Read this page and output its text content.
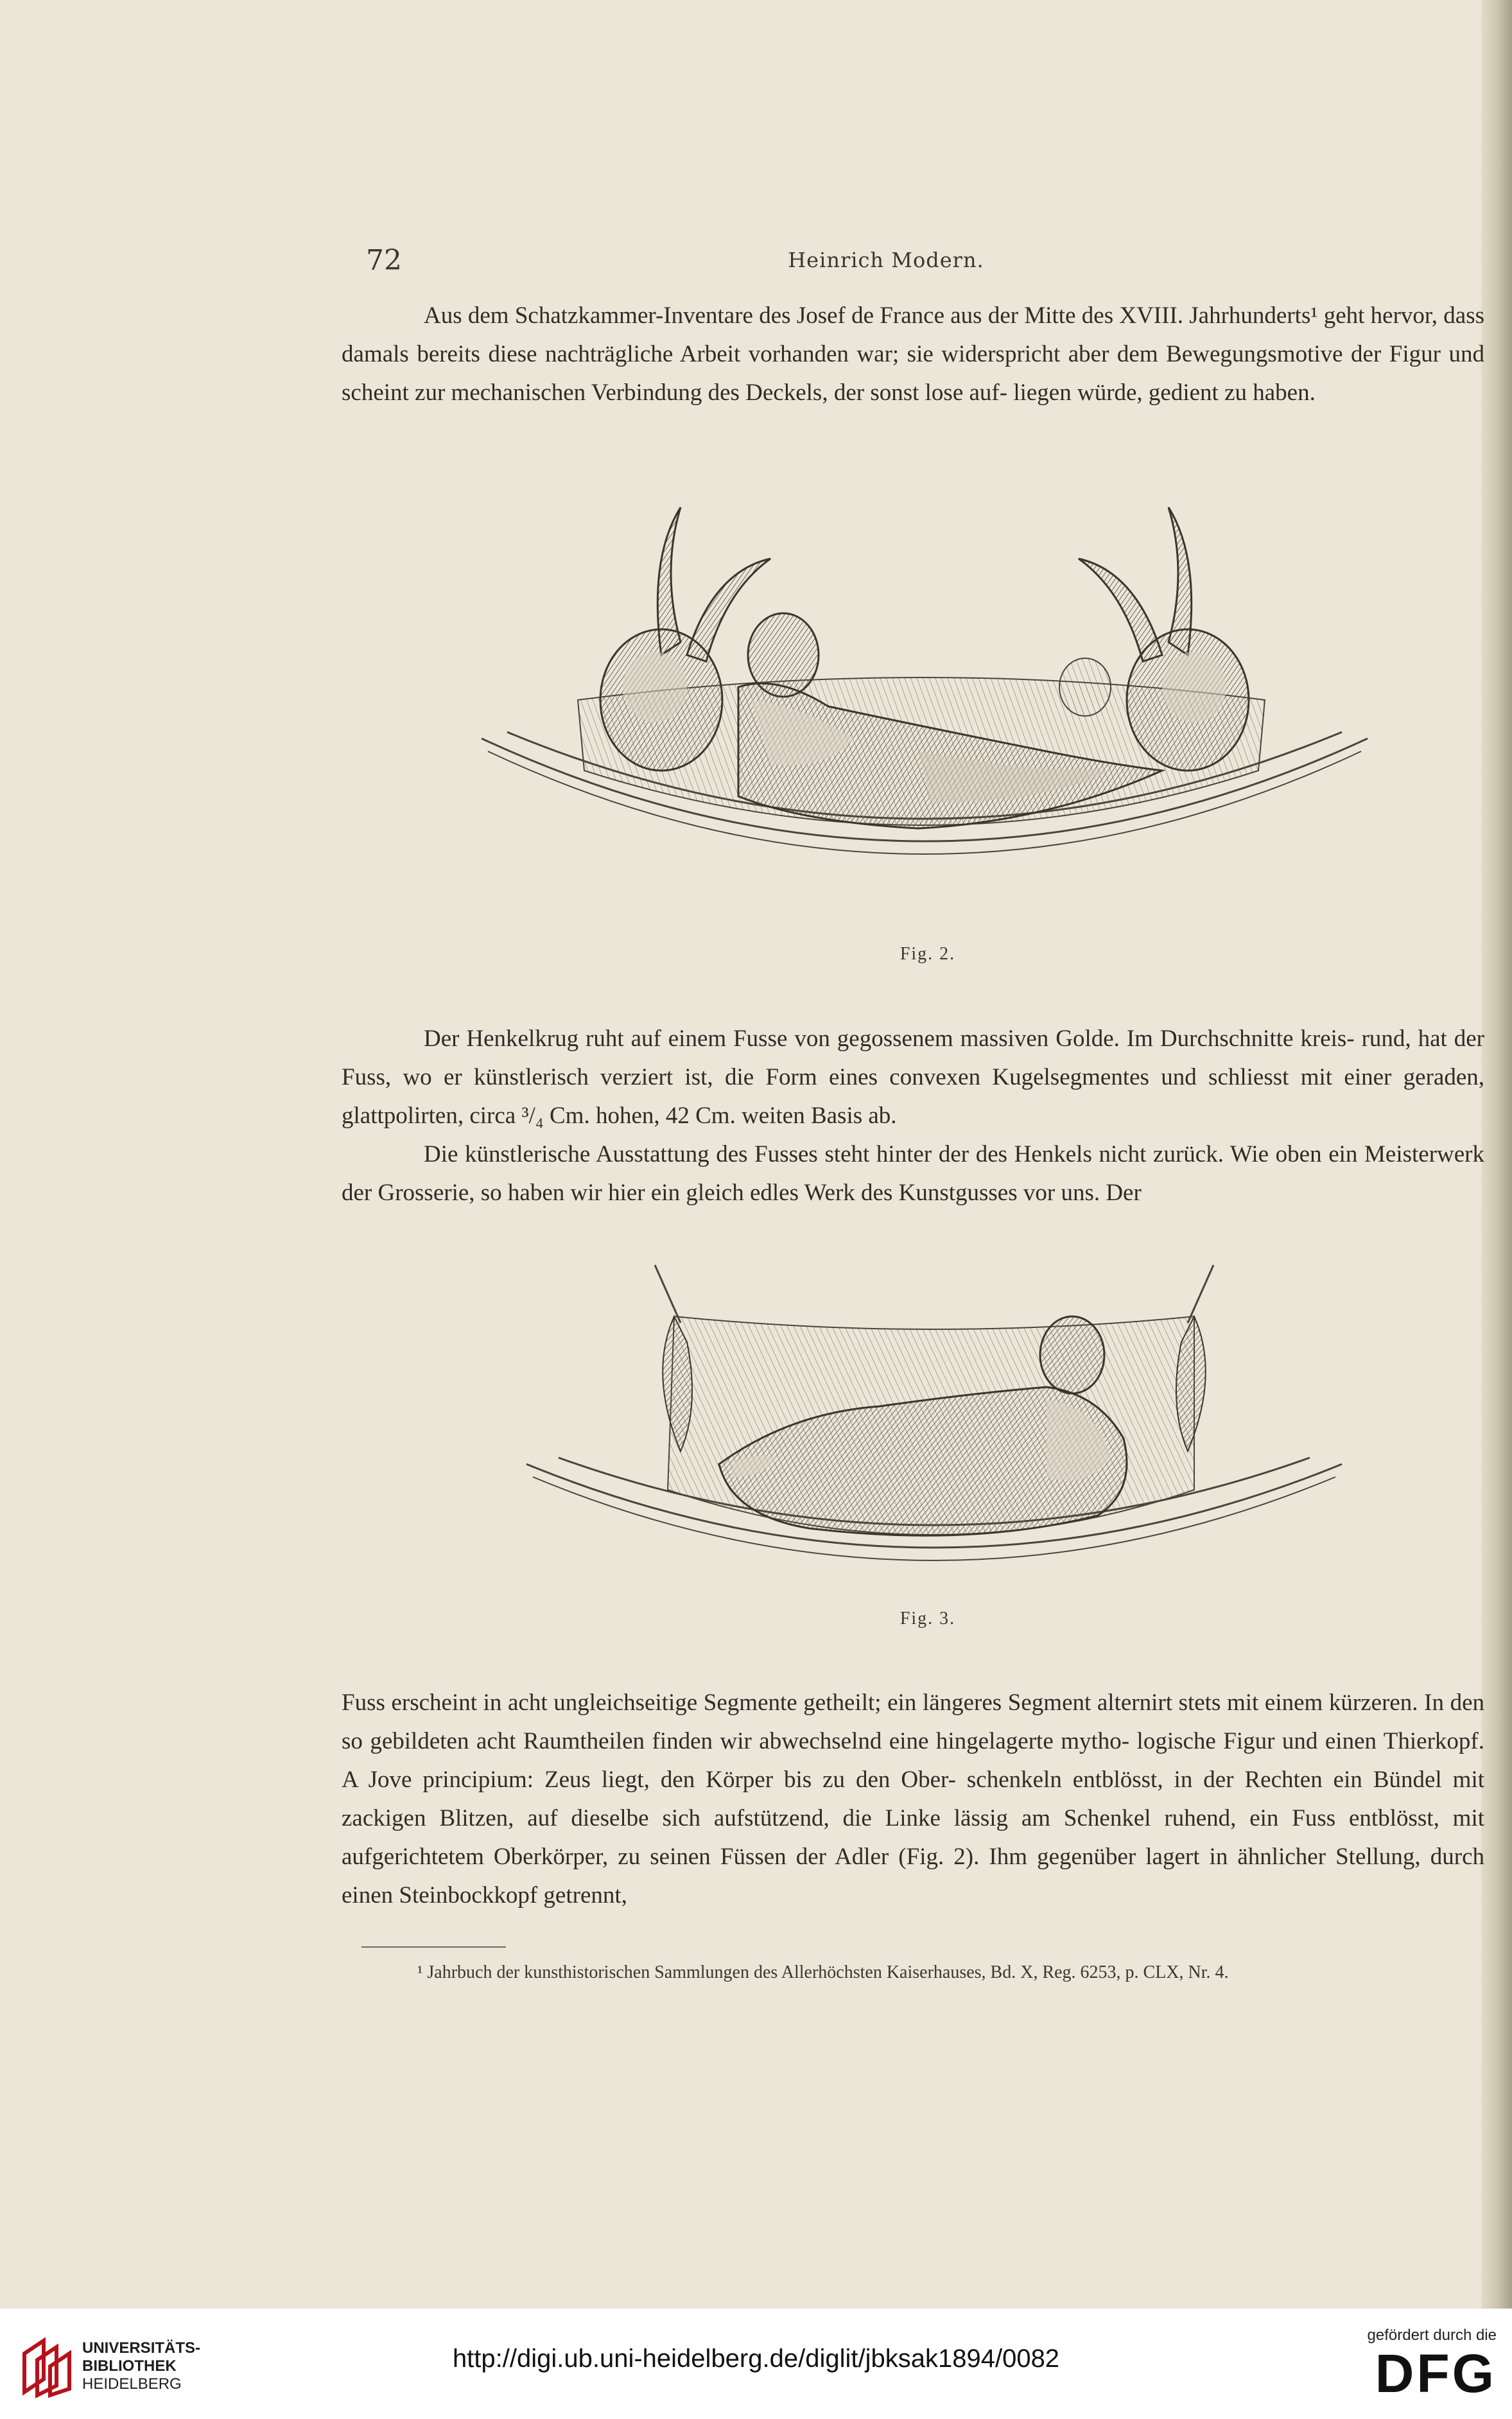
72	Heinrich Modern.

Aus dem Schatzkammer-Inventare des Josef de France aus der Mitte des XVIII. Jahrhunderts¹ geht hervor, dass damals bereits diese nachträgliche Arbeit vorhanden war; sie widerspricht aber dem Bewegungsmotive der Figur und scheint zur mechanischen Verbindung des Deckels, der sonst lose auf- liegen würde, gedient zu haben.

Fig. 2.

Der Henkelkrug ruht auf einem Fusse von gegossenem massiven Golde. Im Durchschnitte kreis- rund, hat der Fuss, wo er künstlerisch verziert ist, die Form eines convexen Kugelsegmentes und schliesst mit einer geraden, glattpolirten, circa ³/₄ Cm. hohen, 42 Cm. weiten Basis ab.

Die künstlerische Ausstattung des Fusses steht hinter der des Henkels nicht zurück. Wie oben ein Meisterwerk der Grosserie, so haben wir hier ein gleich edles Werk des Kunstgusses vor uns. Der

Fig. 3.

Fuss erscheint in acht ungleichseitige Segmente getheilt; ein längeres Segment alternirt stets mit einem kürzeren. In den so gebildeten acht Raumtheilen finden wir abwechselnd eine hingelagerte mytho- logische Figur und einen Thierkopf. A Jove principium: Zeus liegt, den Körper bis zu den Ober- schenkeln entblösst, in der Rechten ein Bündel mit zackigen Blitzen, auf dieselbe sich aufstützend, die Linke lässig am Schenkel ruhend, ein Fuss entblösst, mit aufgerichtetem Oberkörper, zu seinen Füssen der Adler (Fig. 2). Ihm gegenüber lagert in ähnlicher Stellung, durch einen Steinbockkopf getrennt,

¹ Jahrbuch der kunsthistorischen Sammlungen des Allerhöchsten Kaiserhauses, Bd. X, Reg. 6253, p. CLX, Nr. 4.
UNIVERSITÄTS-
BIBLIOTHEK
HEIDELBERG
http://digi.ub.uni-heidelberg.de/diglit/jbksak1894/0082
gefördert durch die
DFG
